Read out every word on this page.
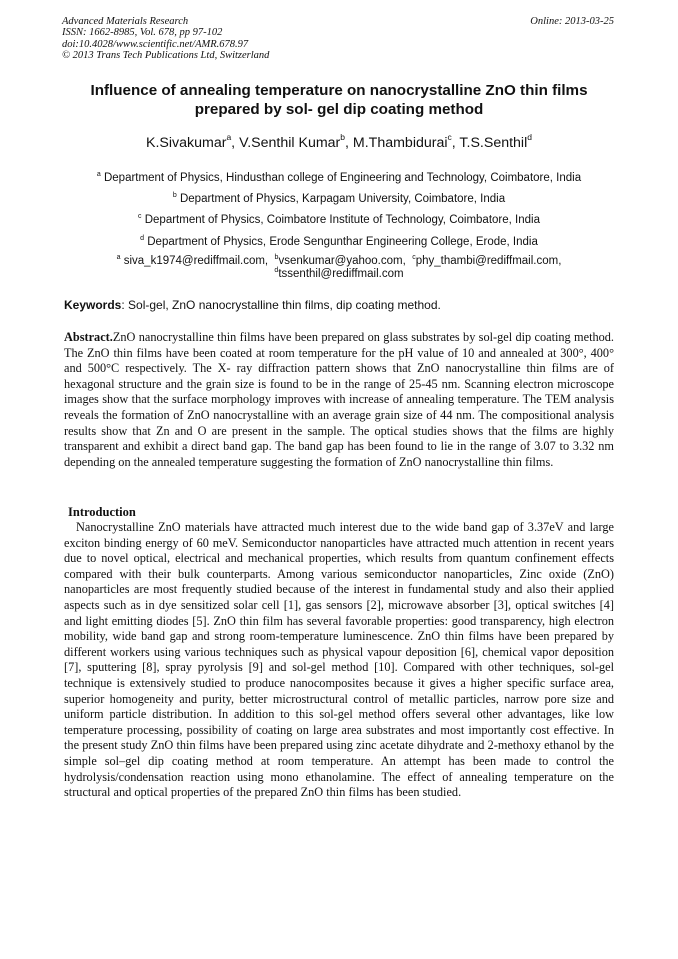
Advanced Materials Research
ISSN: 1662-8985, Vol. 678, pp 97-102
doi:10.4028/www.scientific.net/AMR.678.97
© 2013 Trans Tech Publications Ltd, Switzerland
Online: 2013-03-25
Influence of annealing temperature on nanocrystalline ZnO thin films
prepared by sol- gel dip coating method
K.Sivakumar$^a$, V.Senthil Kumar$^b$, M.Thambidurai$^c$, T.S.Senthil$^d$
$^a$ Department of Physics, Hindusthan college of Engineering and Technology, Coimbatore, India
$^b$ Department of Physics, Karpagam University, Coimbatore, India
$^c$ Department of Physics, Coimbatore Institute of Technology, Coimbatore, India
$^d$ Department of Physics, Erode Sengunthar Engineering College, Erode, India
$^a$ siva_k1974@rediffmail.com, $^b$vsenkumar@yahoo.com, $^c$phy_thambi@rediffmail.com,
$^d$tssenthil@rediffmail.com
Keywords: Sol-gel, ZnO nanocrystalline thin films, dip coating method.

Abstract.ZnO nanocrystalline thin films have been prepared on glass substrates by sol-gel dip coating method. The ZnO thin films have been coated at room temperature for the pH value of 10 and annealed at 300°, 400° and 500°C respectively. The X- ray diffraction pattern shows that ZnO nanocrystalline thin films are of hexagonal structure and the grain size is found to be in the range of 25-45 nm. Scanning electron microscope images show that the surface morphology improves with increase of annealing temperature. The TEM analysis reveals the formation of ZnO nanocrystalline with an average grain size of 44 nm. The compositional analysis results show that Zn and O are present in the sample. The optical studies shows that the films are highly transparent and exhibit a direct band gap. The band gap has been found to lie in the range of 3.07 to 3.32 nm depending on the annealed temperature suggesting the formation of ZnO nanocrystalline thin films.

Introduction

Nanocrystalline ZnO materials have attracted much interest due to the wide band gap of 3.37eV and large exciton binding energy of 60 meV. Semiconductor nanoparticles have attracted much attention in recent years due to novel optical, electrical and mechanical properties, which results from quantum confinement effects compared with their bulk counterparts. Among various semiconductor nanoparticles, Zinc oxide (ZnO) nanoparticles are most frequently studied because of the interest in fundamental study and also their applied aspects such as in dye sensitized solar cell [1], gas sensors [2], microwave absorber [3], optical switches [4] and light emitting diodes [5]. ZnO thin film has several favorable properties: good transparency, high electron mobility, wide band gap and strong room-temperature luminescence. ZnO thin films have been prepared by different workers using various techniques such as physical vapour deposition [6], chemical vapor deposition [7], sputtering [8], spray pyrolysis [9] and sol-gel method [10]. Compared with other techniques, sol-gel technique is extensively studied to produce nanocomposites because it gives a higher specific surface area, superior homogeneity and purity, better microstructural control of metallic particles, narrow pore size and uniform particle distribution. In addition to this sol-gel method offers several other advantages, like low temperature processing, possibility of coating on large area substrates and most importantly cost effective. In the present study ZnO thin films have been prepared using zinc acetate dihydrate and 2-methoxy ethanol by the simple sol–gel dip coating method at room temperature. An attempt has been made to control the hydrolysis/condensation reaction using mono ethanolamine. The effect of annealing temperature on the structural and optical properties of the prepared ZnO thin films has been studied.
